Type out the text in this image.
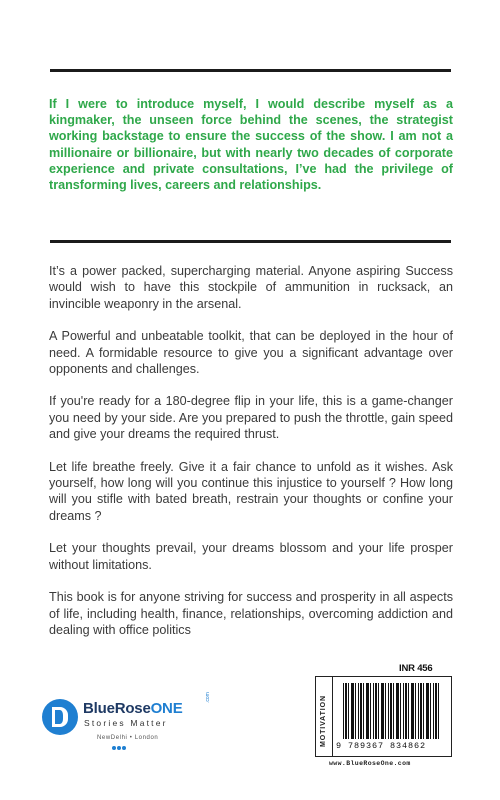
If I were to introduce myself, I would describe myself as a kingmaker, the unseen force behind the scenes, the strategist working backstage to ensure the success of the show. I am not a millionaire or billionaire, but with nearly two decades of corporate experience and private consultations, I’ve had the privilege of transforming lives, careers and relationships.

It’s a power packed, supercharging material. Anyone aspiring Success would wish to have this stockpile of ammunition in rucksack, an invincible weaponry in the arsenal.

A Powerful and unbeatable toolkit, that can be deployed in the hour of need. A formidable resource to give you a significant advantage over opponents and challenges.

If you're ready for a 180-degree flip in your life, this is a game-changer you need by your side. Are you prepared to push the throttle, gain speed and give your dreams the required thrust.

Let life breathe freely. Give it a fair chance to unfold as it wishes. Ask yourself, how long will you continue this injustice to yourself ? How long will you stifle with bated breath, restrain your thoughts or confine your dreams ?

Let your thoughts prevail, your dreams blossom and your life prosper without limitations.

This book is for anyone striving for success and prosperity in all aspects of life, including health, finance, relationships, overcoming addiction and dealing with office politics

BlueRoseONE
.com
Stories Matter
NewDelhi • London
INR 456
MOTIVATION 9 789367 834862
www.BlueRoseOne.com
